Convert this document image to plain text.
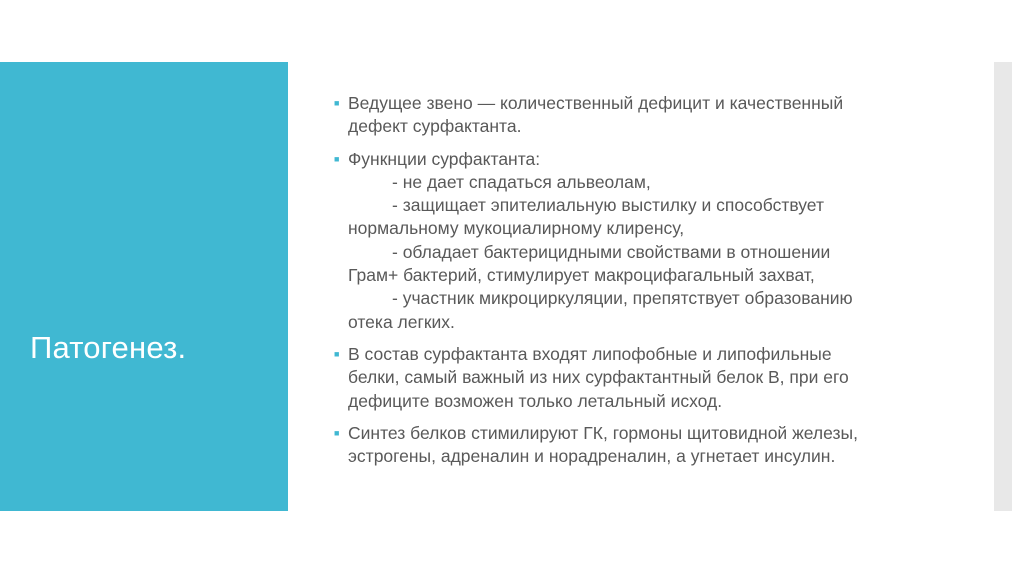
Патогенез.
■ Ведущее звено — количественный дефицит и качественный
дефект сурфактанта.
■ Функнции сурфактанта:
- не дает спадаться альвеолам,
- защищает эпителиальную выстилку и способствует
нормальному мукоциалирному клиренсу,
- обладает бактерицидными свойствами в отношении
Грам+ бактерий, стимулирует макроцифагальный захват,
- участник микроциркуляции, препятствует образованию
отека легких.
■ В состав сурфактанта входят липофобные и липофильные
белки, самый важный из них сурфактантный белок В, при его
дефиците возможен только летальный исход.
■ Синтез белков стимилируют ГК, гормоны щитовидной железы,
эстрогены, адреналин и норадреналин, а угнетает инсулин.
